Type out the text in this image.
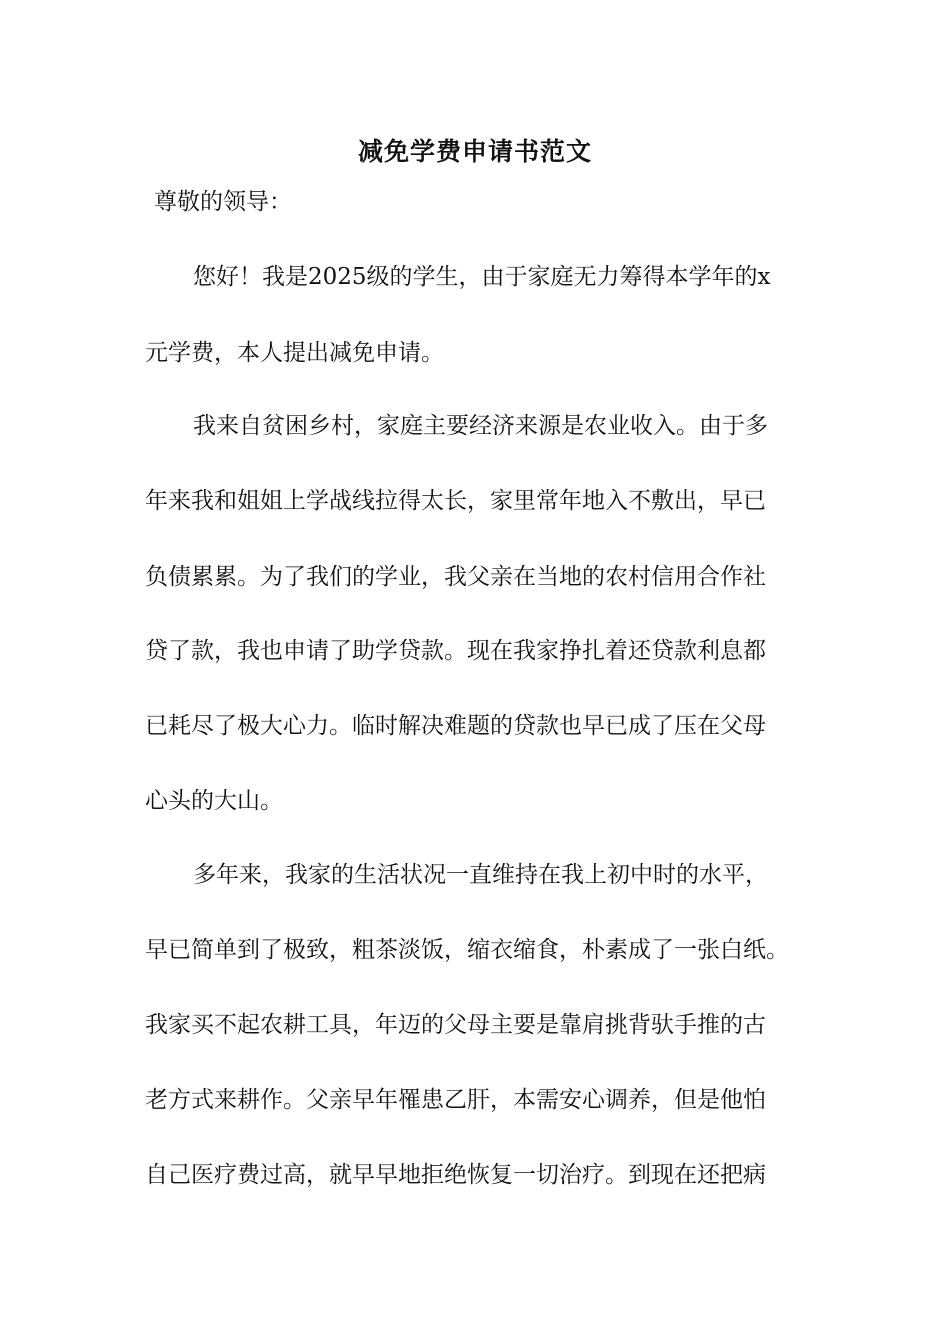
减免学费申请书范文

尊敬的领导：

您好！我是2025级的学生，由于家庭无力筹得本学年的x

元学费，本人提出减免申请。

我来自贫困乡村，家庭主要经济来源是农业收入。由于多

年来我和姐姐上学战线拉得太长，家里常年地入不敷出，早已

负债累累。为了我们的学业，我父亲在当地的农村信用合作社

贷了款，我也申请了助学贷款。现在我家挣扎着还贷款利息都

已耗尽了极大心力。临时解决难题的贷款也早已成了压在父母

心头的大山。

多年来，我家的生活状况一直维持在我上初中时的水平，

早已简单到了极致，粗茶淡饭，缩衣缩食，朴素成了一张白纸。

我家买不起农耕工具，年迈的父母主要是靠肩挑背驮手推的古

老方式来耕作。父亲早年罹患乙肝，本需安心调养，但是他怕

自己医疗费过高，就早早地拒绝恢复一切治疗。到现在还把病
